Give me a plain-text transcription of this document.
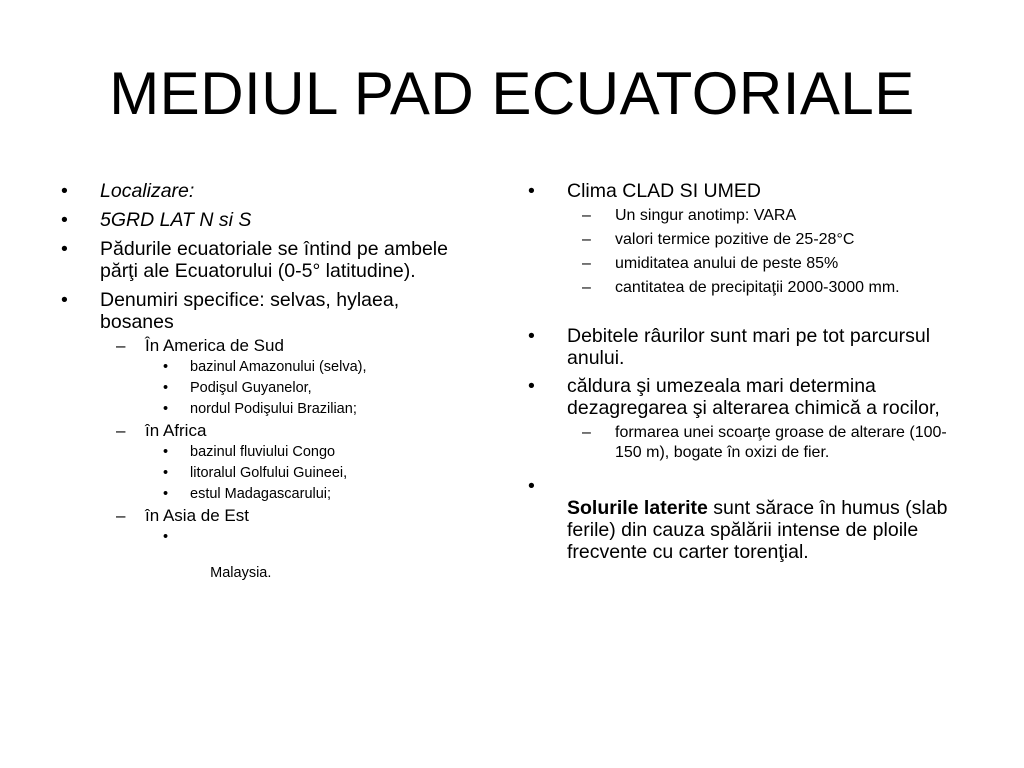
MEDIUL PAD ECUATORIALE
• Localizare:
• 5GRD LAT N si S
• Pădurile ecuatoriale se întind pe ambele părţi ale Ecuatorului (0-5° latitudine).
• Denumiri specifice: selvas, hylaea, bosanes
– În America de Sud
• bazinul Amazonului (selva),
• Podişul Guyanelor,
• nordul Podişului Brazilian;
– în Africa
• bazinul fluviului Congo
• litoralul Golfului Guineei,
• estul Madagascarului;
– în Asia de Est

•

Malaysia.

• Clima CLAD SI UMED
– Un singur anotimp: VARA
– valori termice pozitive de 25-28°C
– umiditatea anului de peste 85%
– cantitatea de precipitaţii 2000-3000 mm.
• Debitele râurilor sunt mari pe tot parcursul anului.
• căldura şi umezeala mari determina dezagregarea şi alterarea chimică a rocilor,
– formarea unei scoarţe groase de alterare (100-150 m), bogate în oxizi de fier.
•
Solurile laterite sunt sărace în humus (slab ferile) din cauza spălării intense de ploile frecvente cu carter torenţial.
